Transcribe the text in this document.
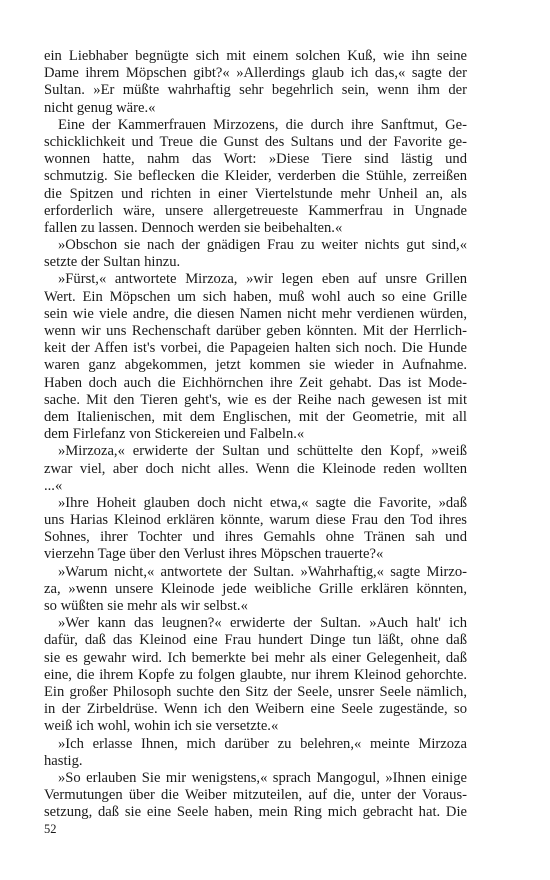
ein Liebhaber begnügte sich mit einem solchen Kuß, wie ihn seine
Dame ihrem Möpschen gibt?« »Allerdings glaub ich das,« sagte der
Sultan. »Er müßte wahrhaftig sehr begehrlich sein, wenn ihm der
nicht genug wäre.«
Eine der Kammerfrauen Mirzozens, die durch ihre Sanftmut, Ge-
schicklichkeit und Treue die Gunst des Sultans und der Favorite ge-
wonnen hatte, nahm das Wort: »Diese Tiere sind lästig und
schmutzig. Sie beflecken die Kleider, verderben die Stühle, zerreißen
die Spitzen und richten in einer Viertelstunde mehr Unheil an, als
erforderlich wäre, unsere allergetreueste Kammerfrau in Ungnade
fallen zu lassen. Dennoch werden sie beibehalten.«
»Obschon sie nach der gnädigen Frau zu weiter nichts gut sind,«
setzte der Sultan hinzu.
»Fürst,« antwortete Mirzoza, »wir legen eben auf unsre Grillen
Wert. Ein Möpschen um sich haben, muß wohl auch so eine Grille
sein wie viele andre, die diesen Namen nicht mehr verdienen würden,
wenn wir uns Rechenschaft darüber geben könnten. Mit der Herrlich-
keit der Affen ist's vorbei, die Papageien halten sich noch. Die Hunde
waren ganz abgekommen, jetzt kommen sie wieder in Aufnahme.
Haben doch auch die Eichhörnchen ihre Zeit gehabt. Das ist Mode-
sache. Mit den Tieren geht's, wie es der Reihe nach gewesen ist mit
dem Italienischen, mit dem Englischen, mit der Geometrie, mit all
dem Firlefanz von Stickereien und Falbeln.«
»Mirzoza,« erwiderte der Sultan und schüttelte den Kopf, »weiß
zwar viel, aber doch nicht alles. Wenn die Kleinode reden wollten
...«
»Ihre Hoheit glauben doch nicht etwa,« sagte die Favorite, »daß
uns Harias Kleinod erklären könnte, warum diese Frau den Tod ihres
Sohnes, ihrer Tochter und ihres Gemahls ohne Tränen sah und
vierzehn Tage über den Verlust ihres Möpschen trauerte?«
»Warum nicht,« antwortete der Sultan. »Wahrhaftig,« sagte Mirzo-
za, »wenn unsere Kleinode jede weibliche Grille erklären könnten,
so wüßten sie mehr als wir selbst.«
»Wer kann das leugnen?« erwiderte der Sultan. »Auch halt' ich
dafür, daß das Kleinod eine Frau hundert Dinge tun läßt, ohne daß
sie es gewahr wird. Ich bemerkte bei mehr als einer Gelegenheit, daß
eine, die ihrem Kopfe zu folgen glaubte, nur ihrem Kleinod gehorchte.
Ein großer Philosoph suchte den Sitz der Seele, unsrer Seele nämlich,
in der Zirbeldrüse. Wenn ich den Weibern eine Seele zugestände, so
weiß ich wohl, wohin ich sie versetzte.«
»Ich erlasse Ihnen, mich darüber zu belehren,« meinte Mirzoza
hastig.
»So erlauben Sie mir wenigstens,« sprach Mangogul, »Ihnen einige
Vermutungen über die Weiber mitzuteilen, auf die, unter der Voraus-
setzung, daß sie eine Seele haben, mein Ring mich gebracht hat. Die
52
